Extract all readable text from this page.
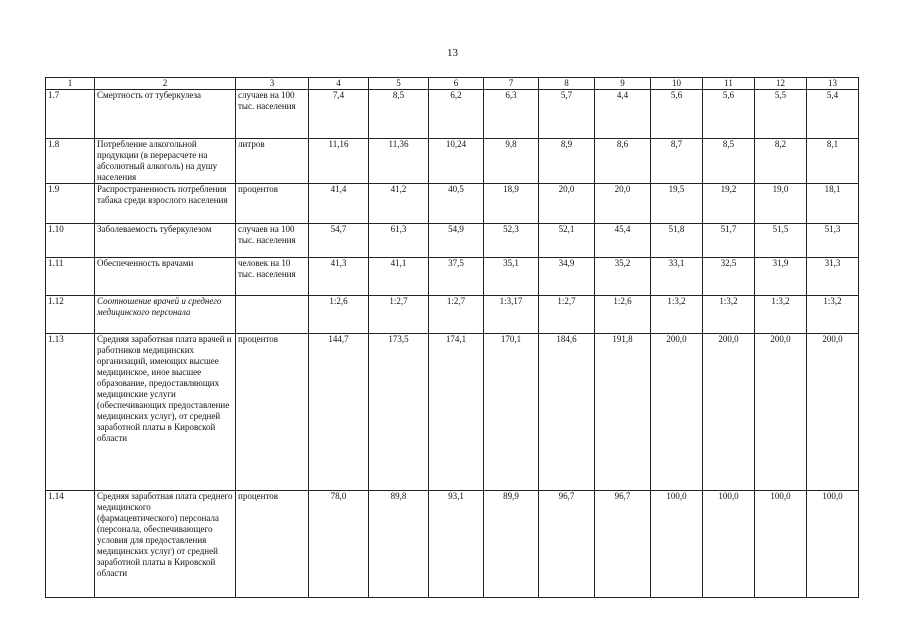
13
1	2	3	4	5	6	7	8	9	10	11	12	13
1.7	Смертность от туберкулеза	случаев на 100 тыс. населения	7,4	8,5	6,2	6,3	5,7	4,4	5,6	5,6	5,5	5,4
1.8	Потребление алкогольной продукции (в перерасчете на абсолютный алкоголь) на душу населения	литров	11,16	11,36	10,24	9,8	8,9	8,6	8,7	8,5	8,2	8,1
1.9	Распространенность потребления табака среди взрослого населения	процентов	41,4	41,2	40,5	18,9	20,0	20,0	19,5	19,2	19,0	18,1
1.10	Заболеваемость туберкулезом	случаев на 100 тыс. населения	54,7	61,3	54,9	52,3	52,1	45,4	51,8	51,7	51,5	51,3
1.11	Обеспеченность врачами	человек на 10 тыс. населения	41,3	41,1	37,5	35,1	34,9	35,2	33,1	32,5	31,9	31,3
1.12	Соотношение врачей и среднего медицинского персонала		1:2,6	1:2,7	1:2,7	1:3,17	1:2,7	1:2,6	1:3,2	1:3,2	1:3,2	1:3,2
1.13	Средняя заработная плата врачей и работников медицинских организаций, имеющих высшее медицинское, иное высшее образование, предоставляющих медицинские услуги (обеспечивающих предоставление медицинских услуг), от средней заработной платы в Кировской области	процентов	144,7	173,5	174,1	170,1	184,6	191,8	200,0	200,0	200,0	200,0
1.14	Средняя заработная плата среднего медицинского (фармацевтического) персонала (персонала, обеспечивающего условия для предоставления медицинских услуг) от средней заработной платы в Кировской области	процентов	78,0	89,8	93,1	89,9	96,7	96,7	100,0	100,0	100,0	100,0
